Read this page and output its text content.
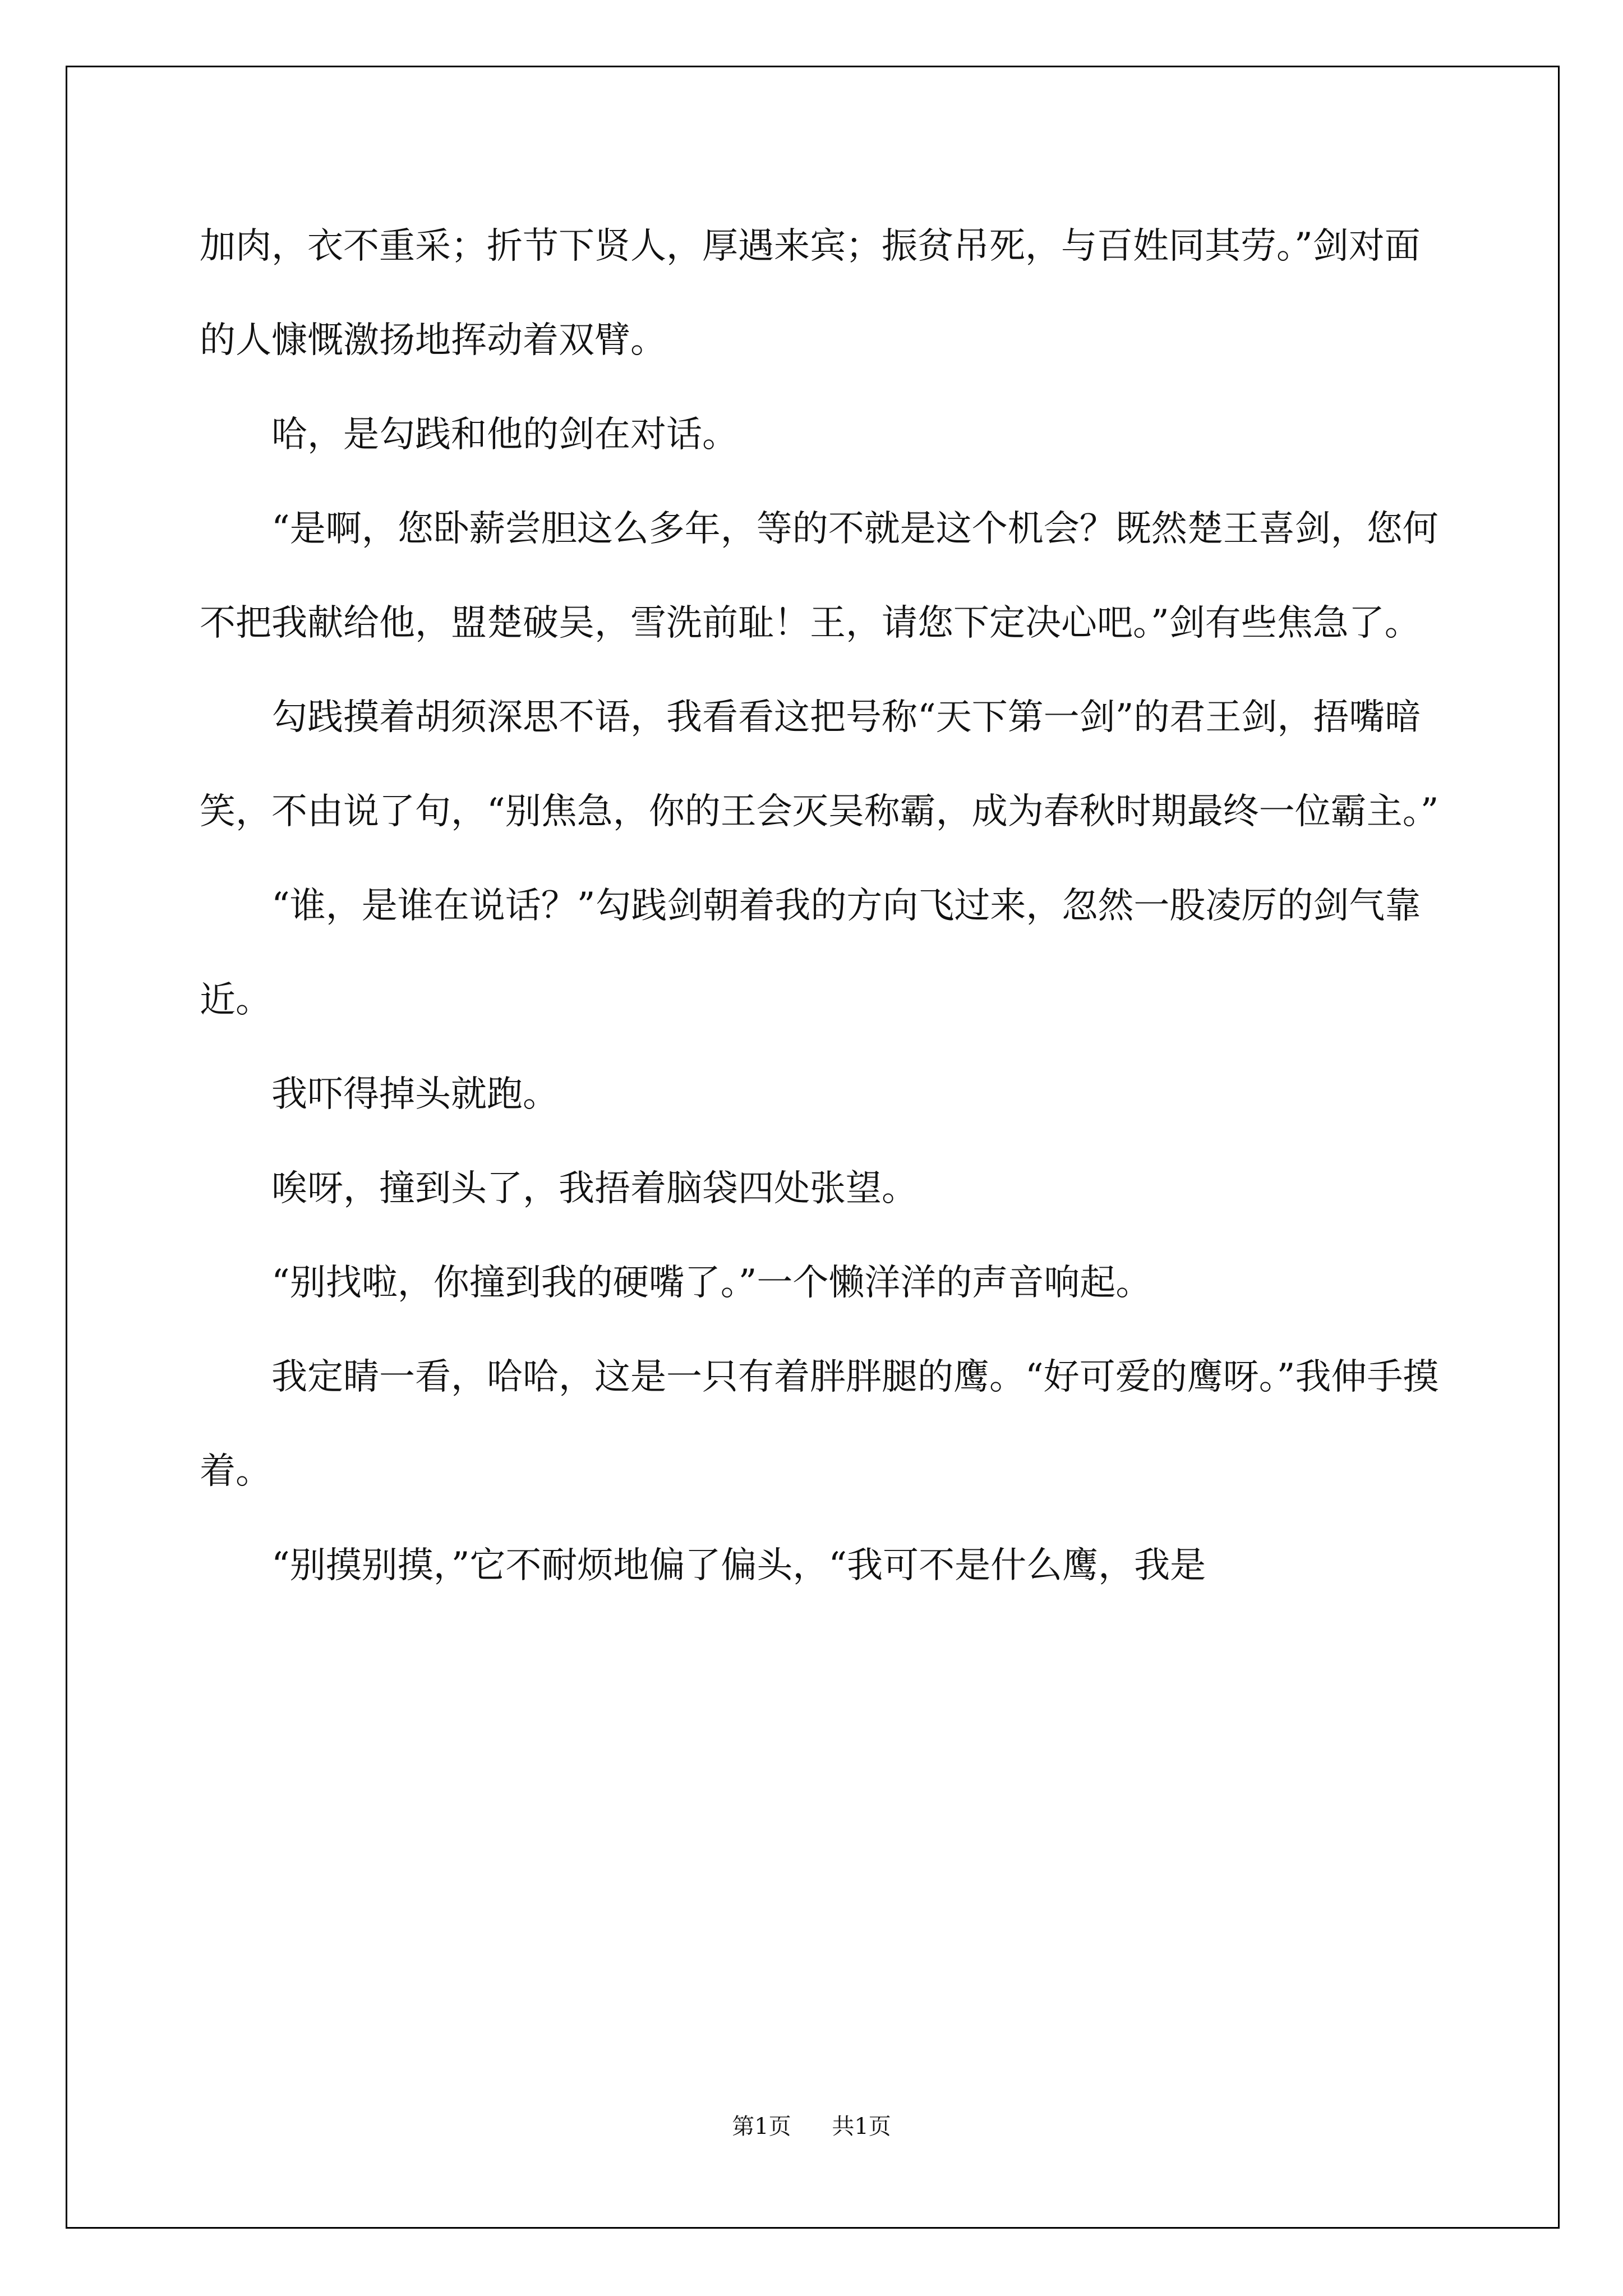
加肉，衣不重采；折节下贤人，厚遇来宾；振贫吊死，与百姓同其劳。”剑对面的人慷慨激扬地挥动着双臂。

哈，是勾践和他的剑在对话。

“是啊，您卧薪尝胆这么多年，等的不就是这个机会？既然楚王喜剑，您何不把我献给他，盟楚破吴，雪洗前耻！王，请您下定决心吧。”剑有些焦急了。

勾践摸着胡须深思不语，我看看这把号称“天下第一剑”的君王剑，捂嘴暗笑，不由说了句，“别焦急，你的王会灭吴称霸，成为春秋时期最终一位霸主。”

“谁，是谁在说话？”勾践剑朝着我的方向飞过来，忽然一股凌厉的剑气靠近。

我吓得掉头就跑。

唉呀，撞到头了，我捂着脑袋四处张望。

“别找啦，你撞到我的硬嘴了。”一个懒洋洋的声音响起。

我定睛一看，哈哈，这是一只有着胖胖腿的鹰。“好可爱的鹰呀。”我伸手摸着。

“别摸别摸，”它不耐烦地偏了偏头，“我可不是什么鹰，我是

第1页 共1页
